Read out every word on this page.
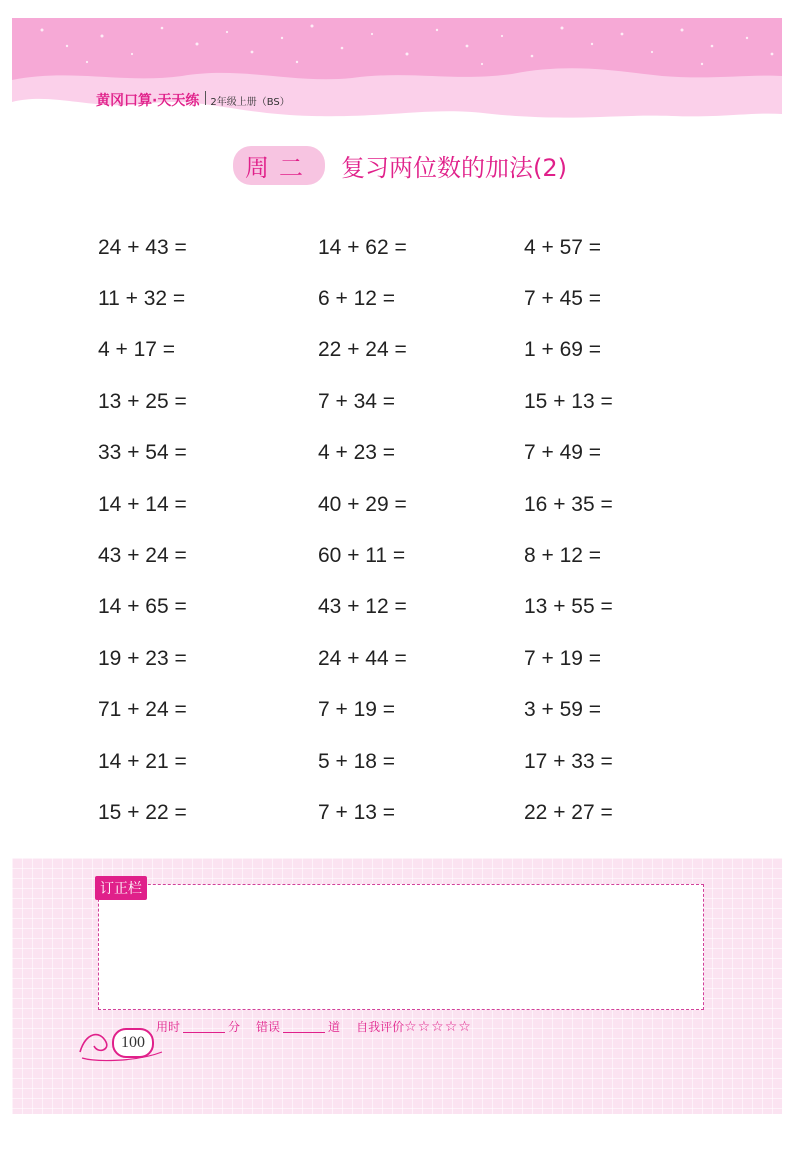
黄冈口算·天天练 2年级上册（BS）
周二	复习两位数的加法(2)
24 + 43 =	14 + 62 =	4 + 57 =
11 + 32 =	6 + 12 =	7 + 45 =
4 + 17 =	22 + 24 =	1 + 69 =
13 + 25 =	7 + 34 =	15 + 13 =
33 + 54 =	4 + 23 =	7 + 49 =
14 + 14 =	40 + 29 =	16 + 35 =
43 + 24 =	60 + 11 =	8 + 12 =
14 + 65 =	43 + 12 =	13 + 55 =
19 + 23 =	24 + 44 =	7 + 19 =
71 + 24 =	7 + 19 =	3 + 59 =
14 + 21 =	5 + 18 =	17 + 33 =
15 + 22 =	7 + 13 =	22 + 27 =
订正栏
100
用时	分 错误	道 自我评价 ☆☆☆☆☆
